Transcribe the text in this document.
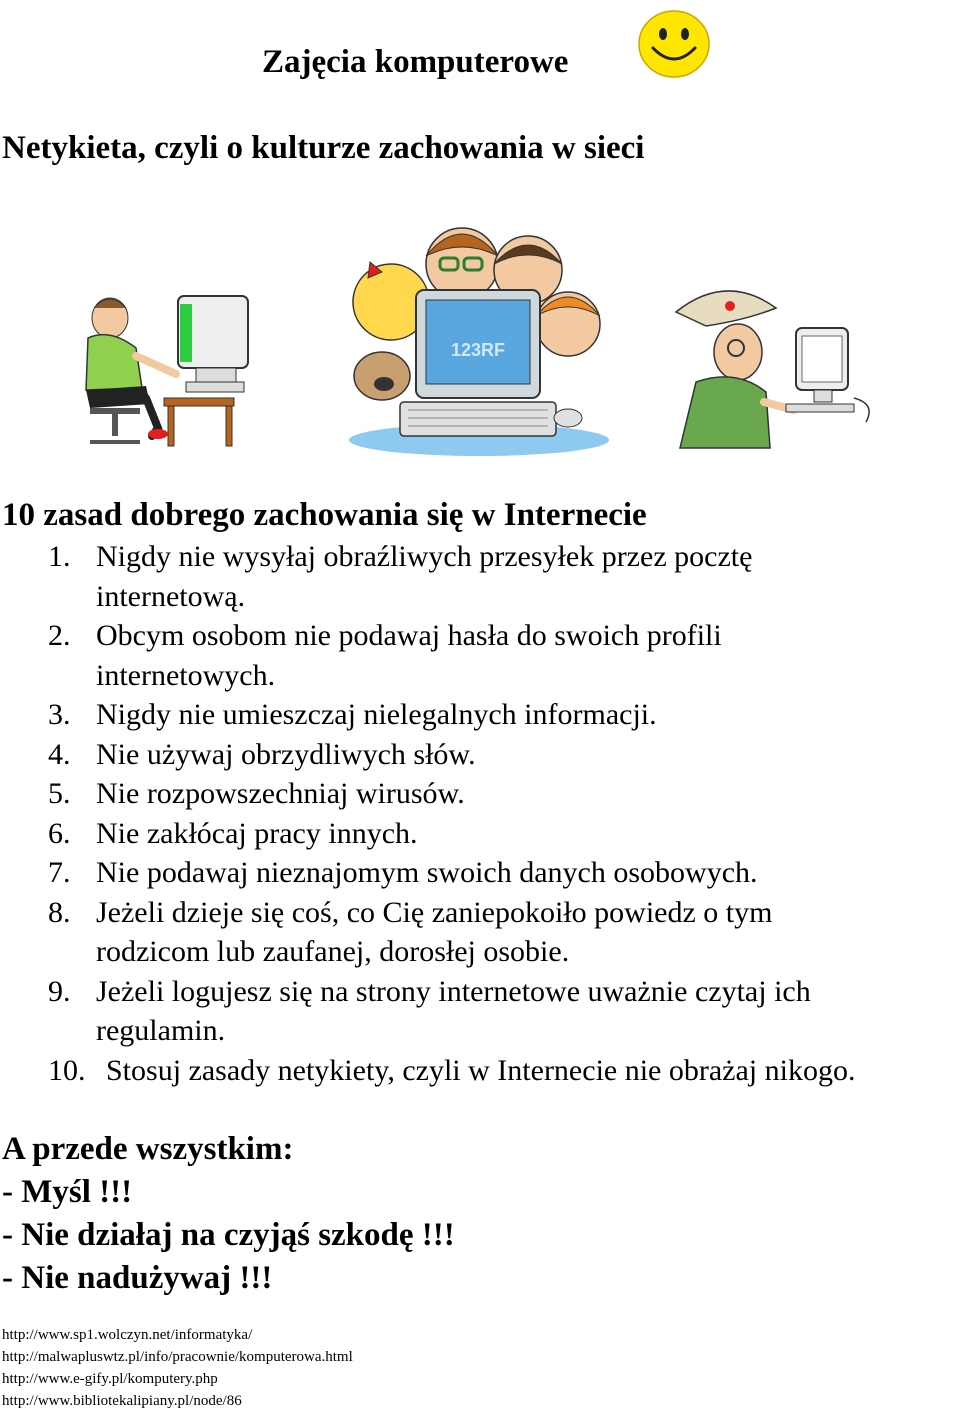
Zajęcia komputerowe
Netykieta, czyli o kulturze zachowania w sieci
123RF
10 zasad dobrego zachowania się w Internecie
1. Nigdy nie wysyłaj obraźliwych przesyłek przez pocztę
internetową.
2. Obcym osobom nie podawaj hasła do swoich profili
internetowych.
3. Nigdy nie umieszczaj nielegalnych informacji.
4. Nie używaj obrzydliwych słów.
5. Nie rozpowszechniaj wirusów.
6. Nie zakłócaj pracy innych.
7. Nie podawaj nieznajomym swoich danych osobowych.
8. Jeżeli dzieje się coś, co Cię zaniepokoiło powiedz o tym
rodzicom lub zaufanej, dorosłej osobie.
9. Jeżeli logujesz się na strony internetowe uważnie czytaj ich
regulamin.
10. Stosuj zasady netykiety, czyli w Internecie nie obrażaj nikogo.
A przede wszystkim:
- Myśl !!!
- Nie działaj na czyjąś szkodę !!!
- Nie nadużywaj !!!
http://www.sp1.wolczyn.net/informatyka/
http://malwapluswtz.pl/info/pracownie/komputerowa.html
http://www.e-gify.pl/komputery.php
http://www.bibliotekalipiany.pl/node/86
